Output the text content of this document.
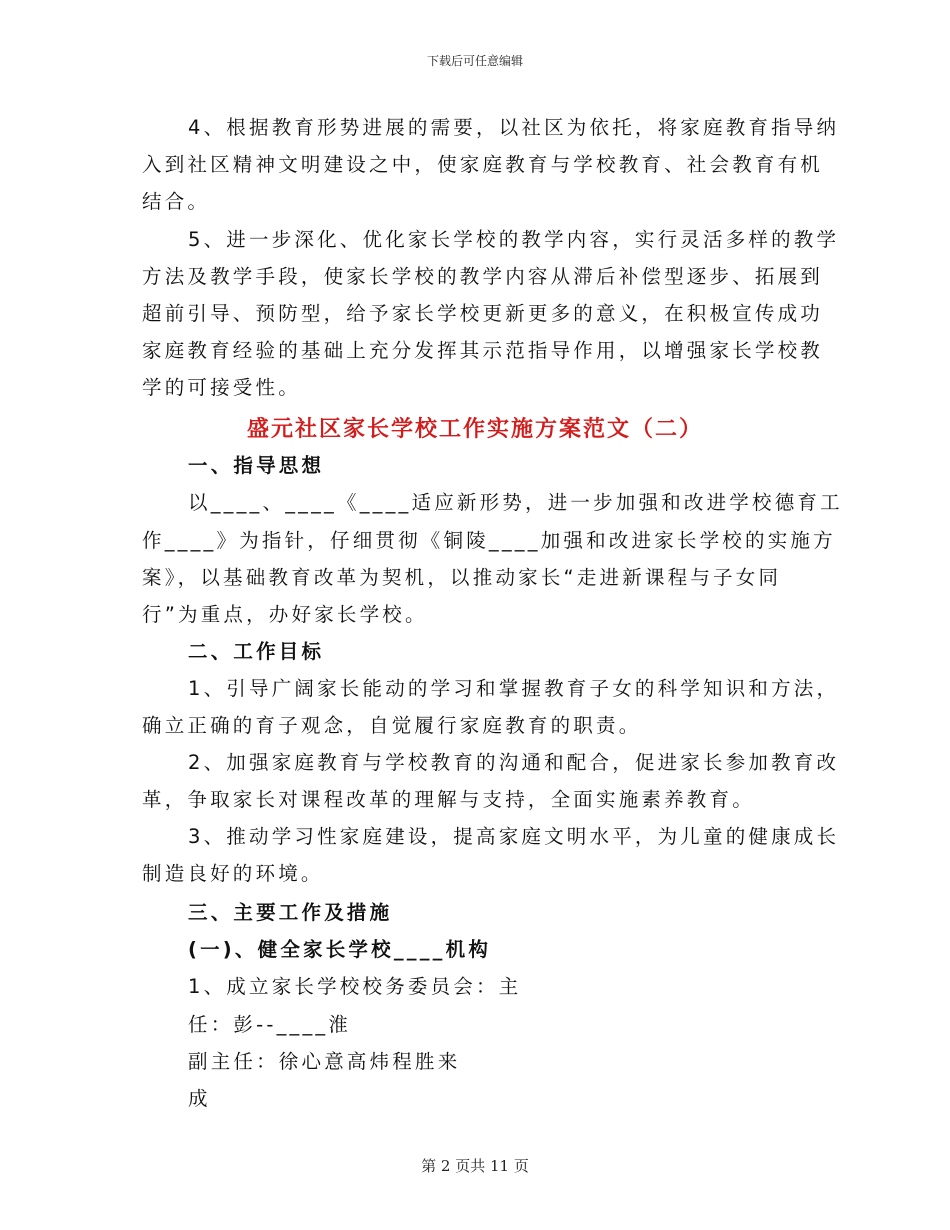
下载后可任意编辑
4、根据教育形势进展的需要，以社区为依托，将家庭教育指导纳
入到社区精神文明建设之中，使家庭教育与学校教育、社会教育有机
结合。
5、进一步深化、优化家长学校的教学内容，实行灵活多样的教学
方法及教学手段，使家长学校的教学内容从滞后补偿型逐步、拓展到
超前引导、预防型，给予家长学校更新更多的意义，在积极宣传成功
家庭教育经验的基础上充分发挥其示范指导作用，以增强家长学校教
学的可接受性。
盛元社区家长学校工作实施方案范文（二）
一、指导思想
以____、____《____适应新形势，进一步加强和改进学校德育工
作____》为指针，仔细贯彻《铜陵____加强和改进家长学校的实施方
案》，以基础教育改革为契机，以推动家长“走进新课程与子女同
行”为重点，办好家长学校。
二、工作目标
1、引导广阔家长能动的学习和掌握教育子女的科学知识和方法，
确立正确的育子观念，自觉履行家庭教育的职责。
2、加强家庭教育与学校教育的沟通和配合，促进家长参加教育改
革，争取家长对课程改革的理解与支持，全面实施素养教育。
3、推动学习性家庭建设，提高家庭文明水平，为儿童的健康成长
制造良好的环境。
三、主要工作及措施
(一)、健全家长学校____机构
1、成立家长学校校务委员会：主
任：彭--____淮
副主任：徐心意高炜程胜来
成
第 2 页共 11 页
